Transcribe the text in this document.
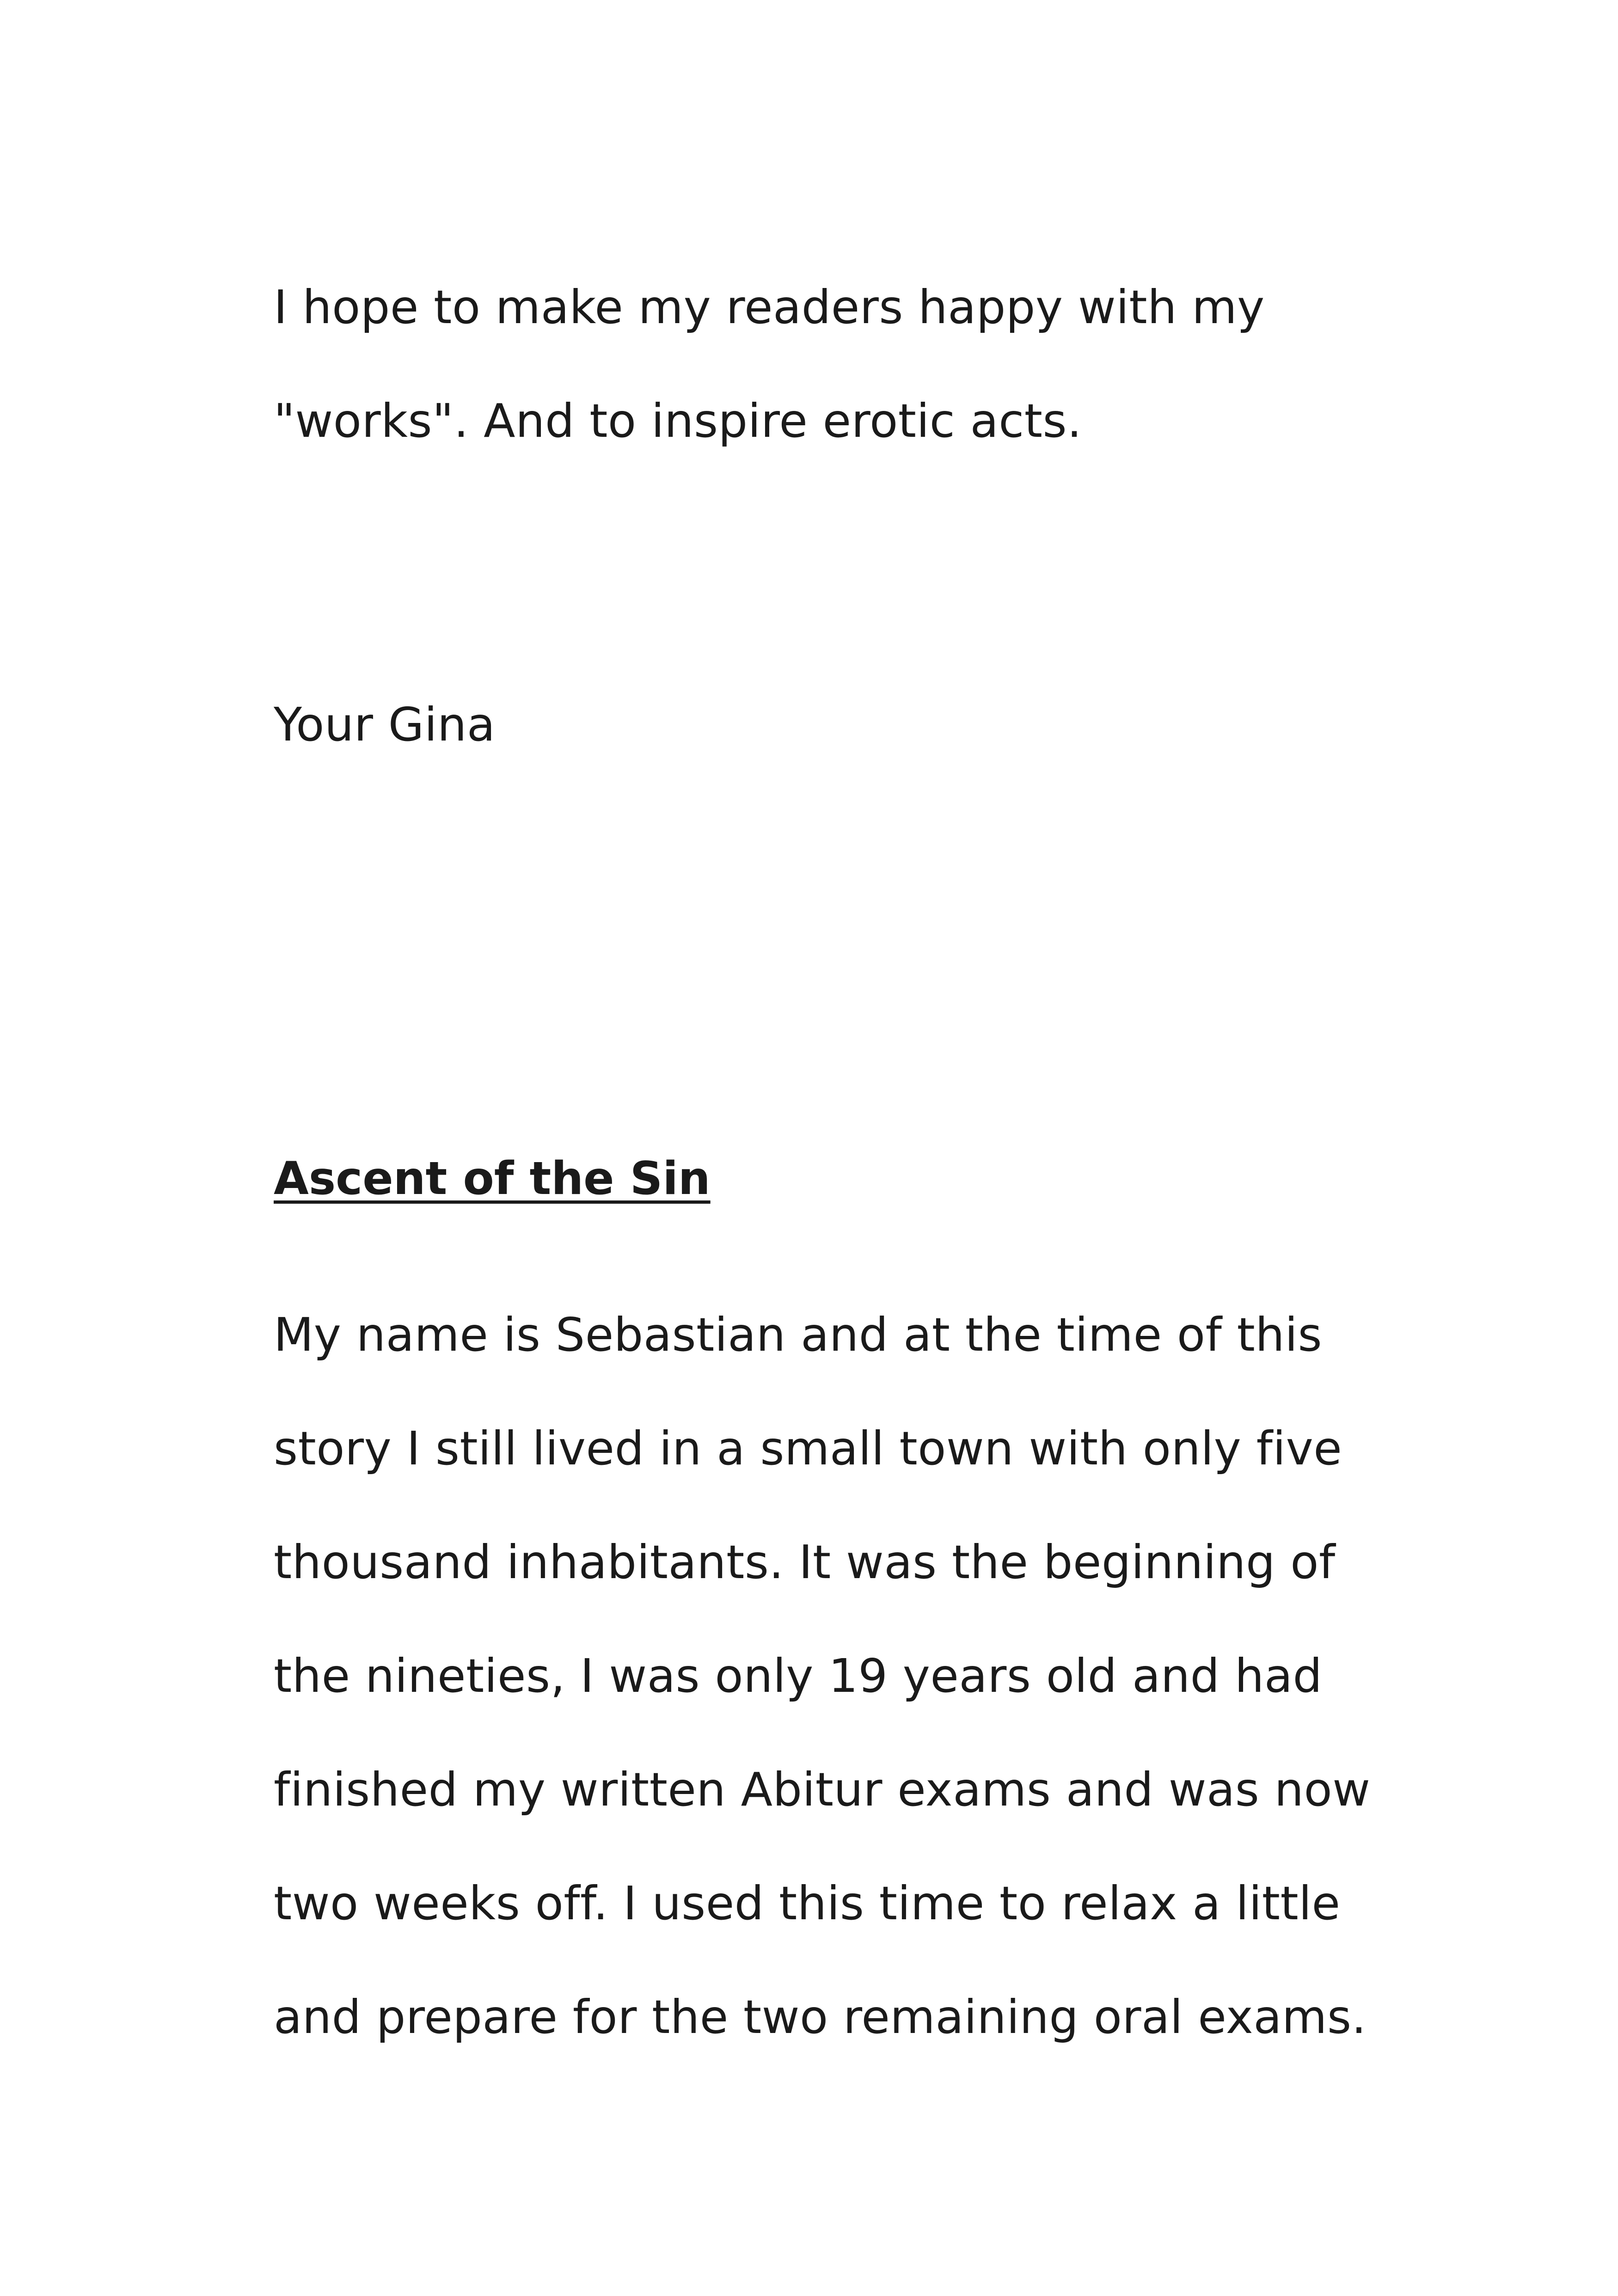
I hope to make my readers happy with my
"works". And to inspire erotic acts.
Your Gina
Ascent of the Sin
My name is Sebastian and at the time of this
story I still lived in a small town with only five
thousand inhabitants. It was the beginning of
the nineties, I was only 19 years old and had
finished my written Abitur exams and was now
two weeks off. I used this time to relax a little
and prepare for the two remaining oral exams.
